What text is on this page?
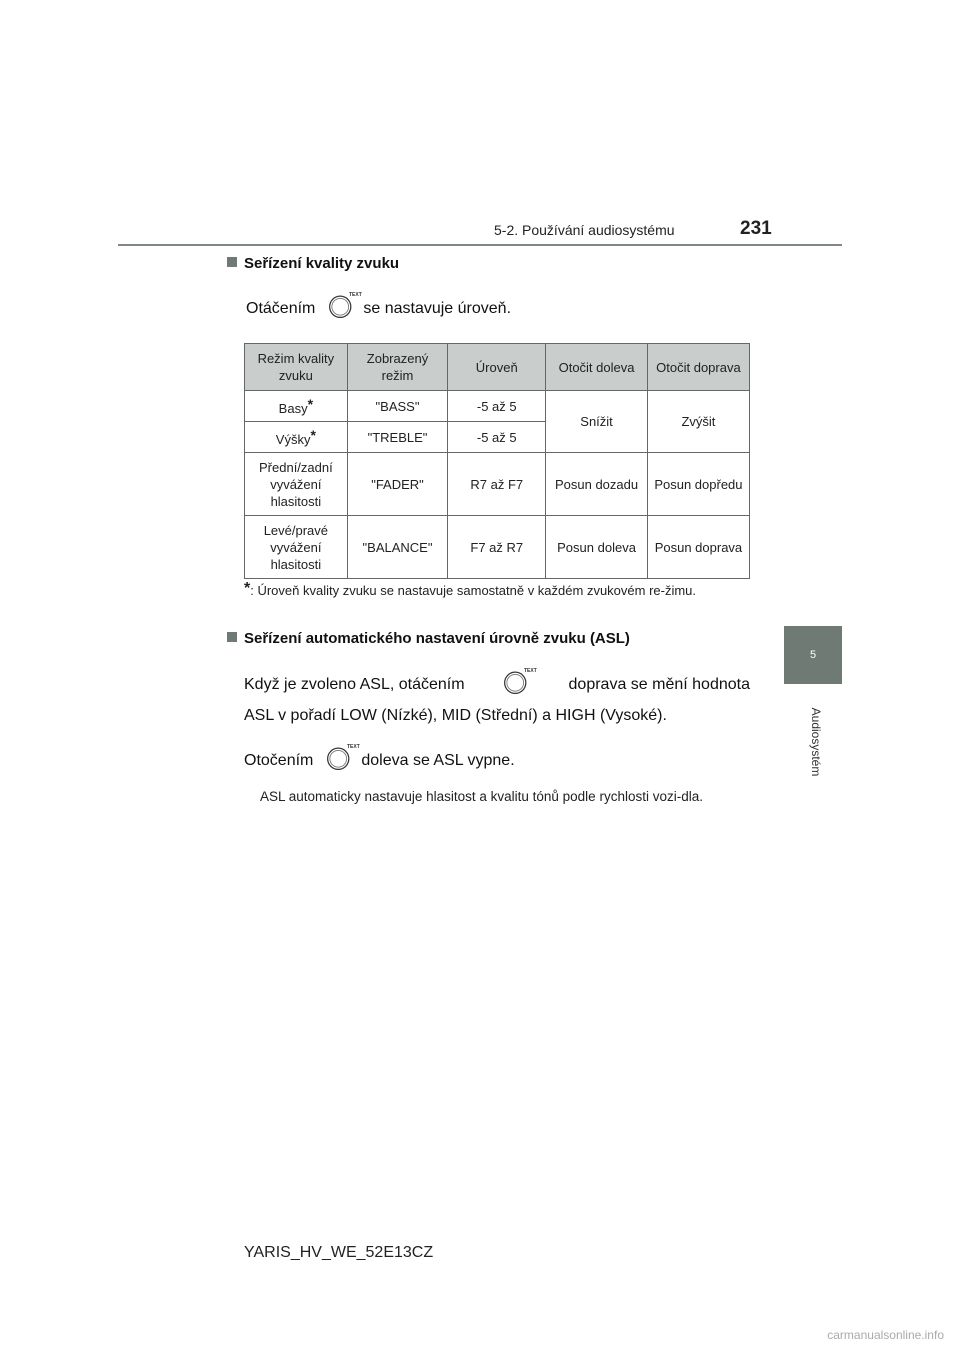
5-2. Používání audiosystému	231
5
Audiosystém
Seřízení kvality zvuku
Otáčením
TEXT
se nastavuje úroveň.
Režim kvality zvuku	Zobrazený režim	Úroveň	Otočit doleva	Otočit doprava
Basy*	"BASS"	-5 až 5	Snížit	Zvýšit
Výšky*	"TREBLE"	-5 až 5		
Přední/zadní vyvážení hlasitosti	"FADER"	R7 až F7	Posun dozadu	Posun dopředu
Levé/pravé vyvážení hlasitosti	"BALANCE"	F7 až R7	Posun doleva	Posun doprava
*: Úroveň kvality zvuku se nastavuje samostatně v každém zvukovém re-žimu.
Seřízení automatického nastavení úrovně zvuku (ASL)
Když je zvoleno ASL, otáčením
TEXT
doprava se mění hodnota
ASL v pořadí LOW (Nízké), MID (Střední) a HIGH (Vysoké).
Otočením
TEXT
doleva se ASL vypne.
ASL automaticky nastavuje hlasitost a kvalitu tónů podle rychlosti vozi-dla.
YARIS_HV_WE_52E13CZ
carmanualsonline.info
